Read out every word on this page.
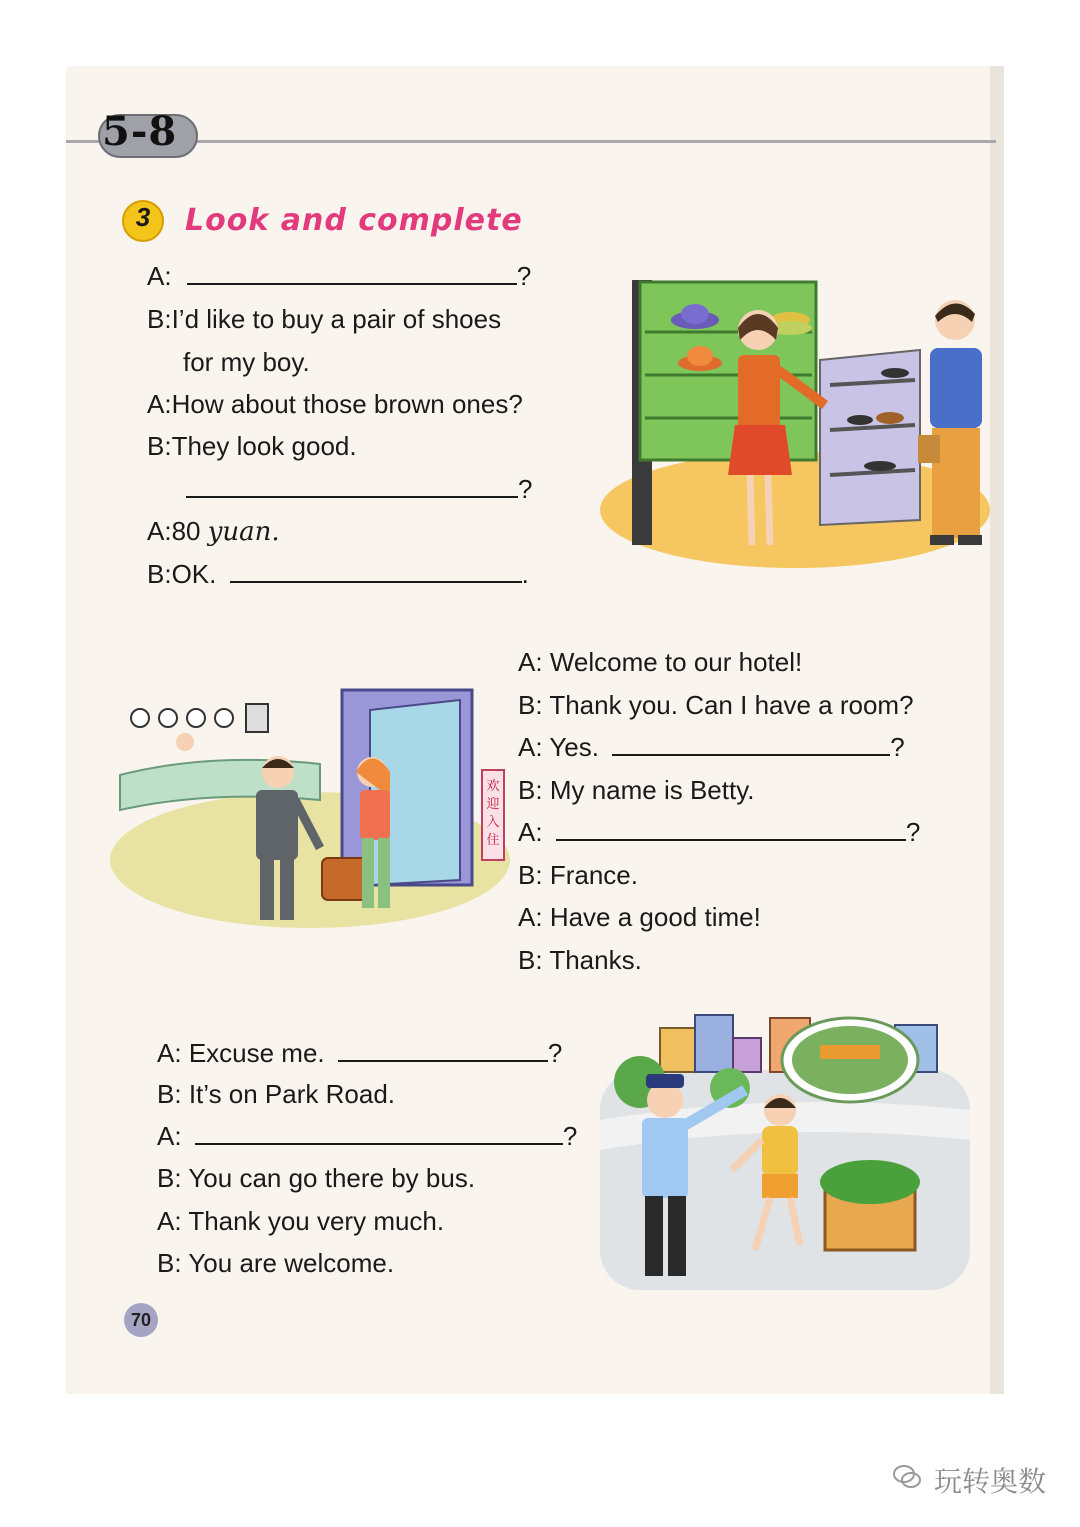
5-8
3	Look and complete
A:	?
B:I’d like to buy a pair of shoes
for my boy.
A:How about those brown ones?
B:They look good.
?
A:80 yuan.
B:OK.	.
欢
迎
入
住
A: Welcome to our hotel!
B: Thank you. Can I have a room?
A: Yes.	?
B: My name is Betty.
A:	?
B: France.
A: Have a good time!
B: Thanks.
A: Excuse me.	?
B: It’s on Park Road.
A:	?
B: You can go there by bus.
A: Thank you very much.
B: You are welcome.
70
玩转奥数
